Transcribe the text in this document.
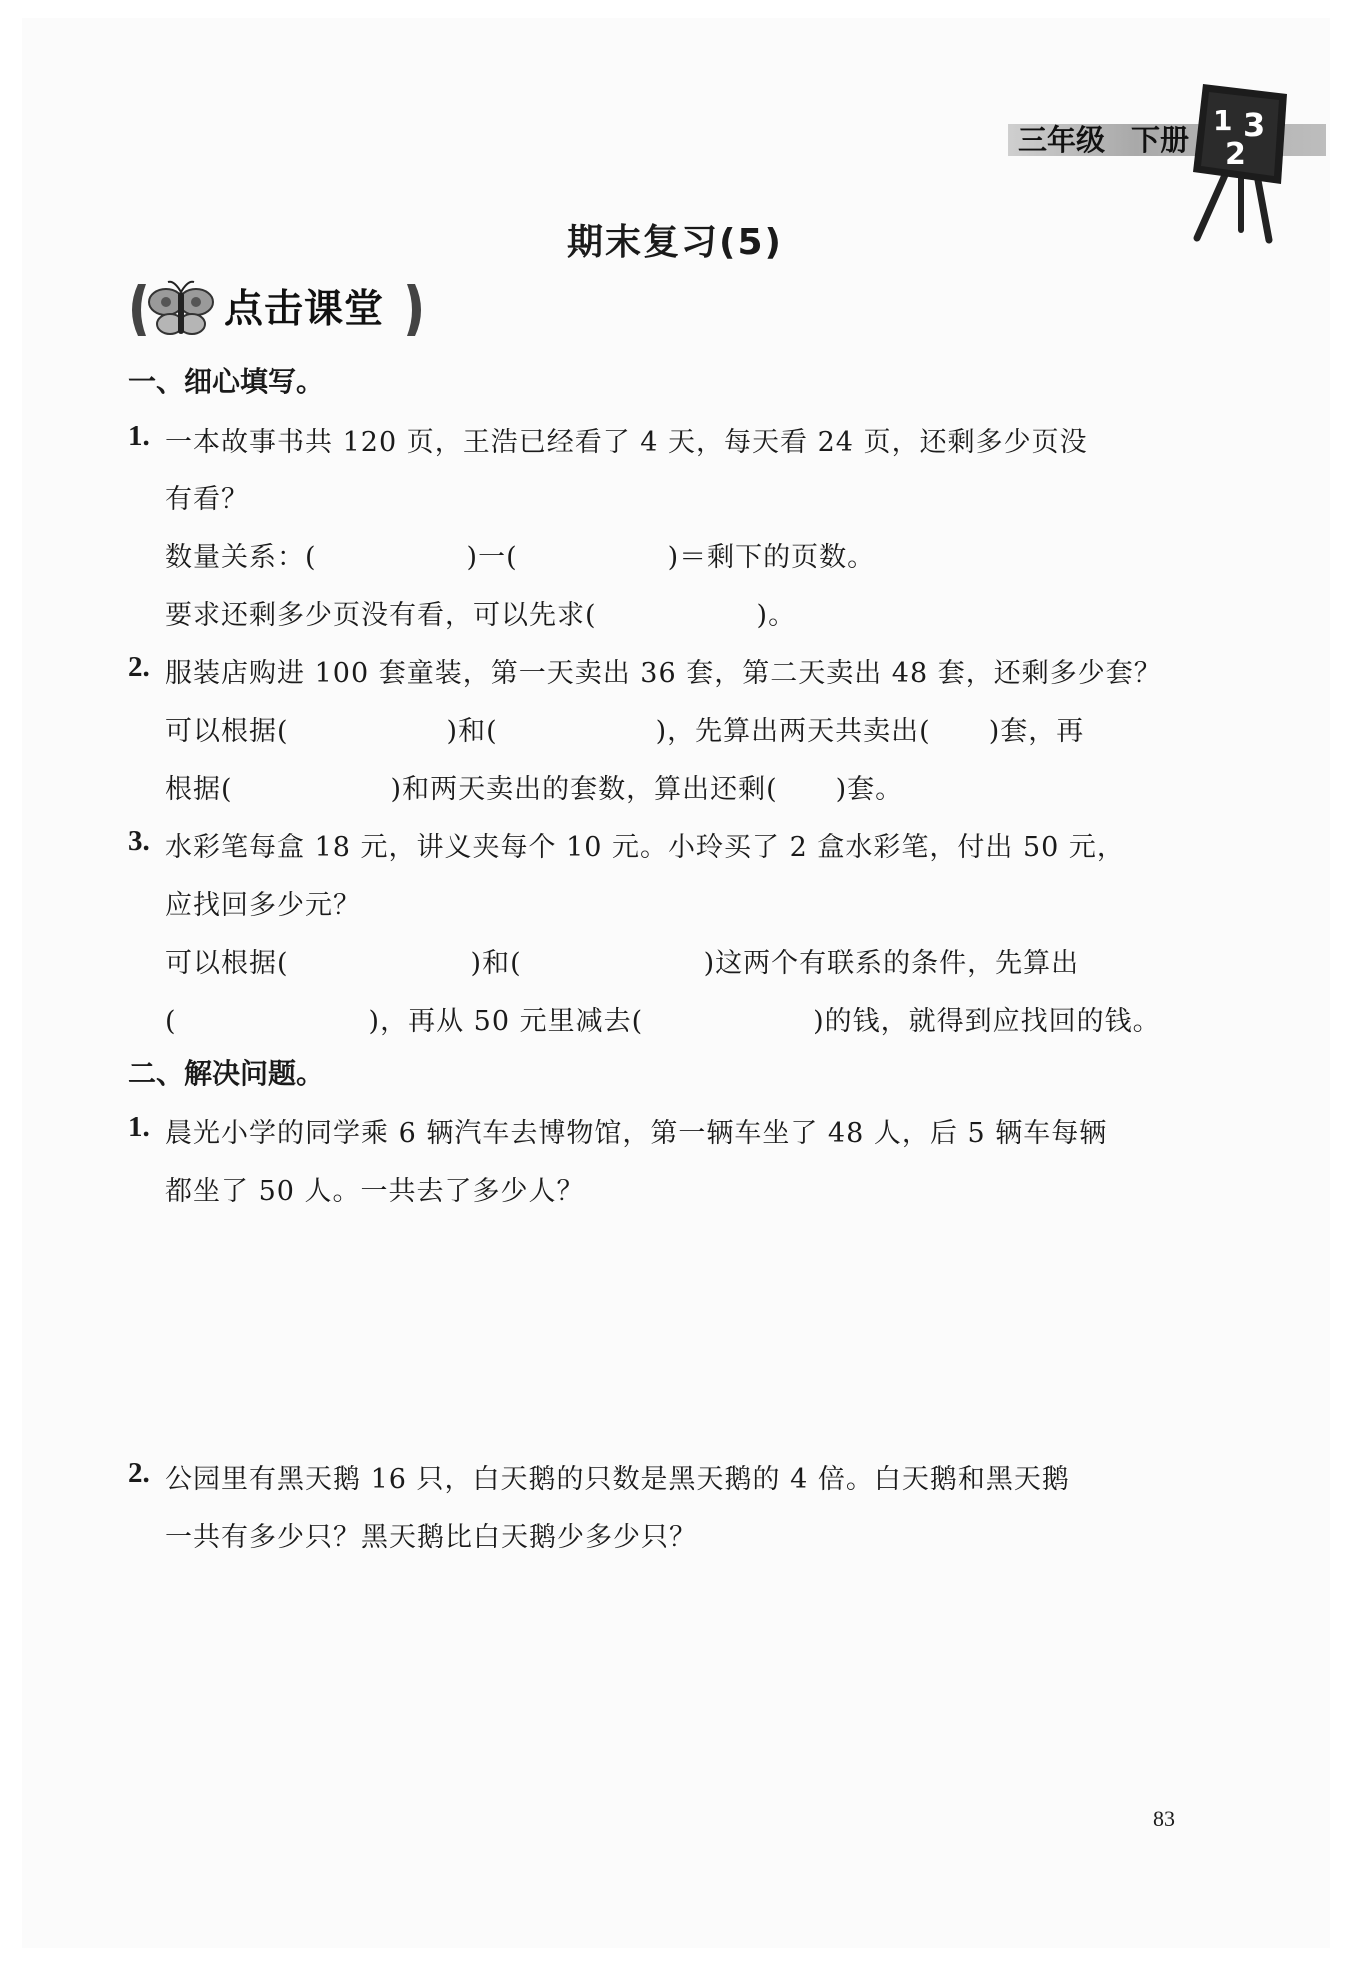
三年级 下册
1 3
2
期末复习(5)
点击课堂
一、细心填写。
1. 一本故事书共 120 页，王浩已经看了 4 天，每天看 24 页，还剩多少页没
有看？
数量关系：(	)一(	)＝剩下的页数。
要求还剩多少页没有看，可以先求(	)。
2. 服装店购进 100 套童装，第一天卖出 36 套，第二天卖出 48 套，还剩多少套？
可以根据(	)和(	)，先算出两天共卖出( )套，再
根据(	)和两天卖出的套数，算出还剩( )套。
3. 水彩笔每盒 18 元，讲义夹每个 10 元。小玲买了 2 盒水彩笔，付出 50 元，
应找回多少元？
可以根据(	)和(	)这两个有联系的条件，先算出
(	)，再从 50 元里减去(	)的钱，就得到应找回的钱。
二、解决问题。
1. 晨光小学的同学乘 6 辆汽车去博物馆，第一辆车坐了 48 人，后 5 辆车每辆
都坐了 50 人。一共去了多少人？
2. 公园里有黑天鹅 16 只，白天鹅的只数是黑天鹅的 4 倍。白天鹅和黑天鹅
一共有多少只？黑天鹅比白天鹅少多少只？
83
